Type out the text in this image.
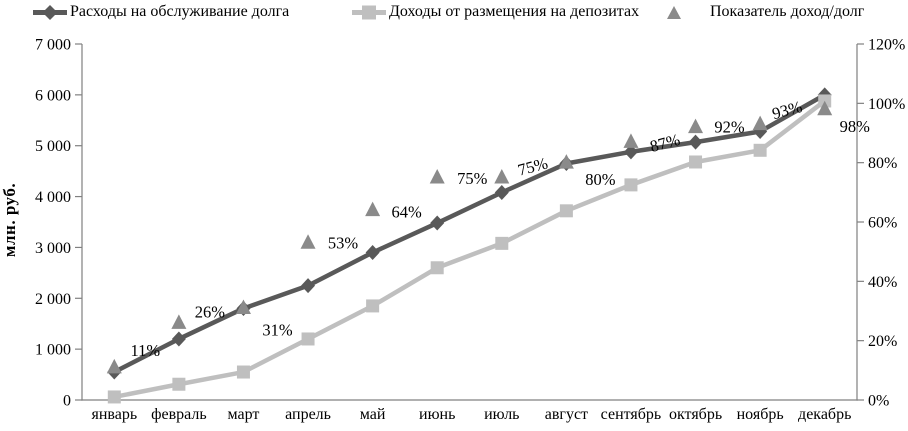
Расходы на обслуживание долга	Доходы от размещения на депозитах	Показатель доход/долг
млн. руб.
0
1 000
2 000
3 000
4 000
5 000
6 000
7 000
0%
20%
40%
60%
80%
100%
120%
январь февраль март апрель май июнь июль август сентябрь октябрь ноябрь декабрь
11%
26%
31%
53%
64%
75% 75%
80%
87%
92%
93%
98%
